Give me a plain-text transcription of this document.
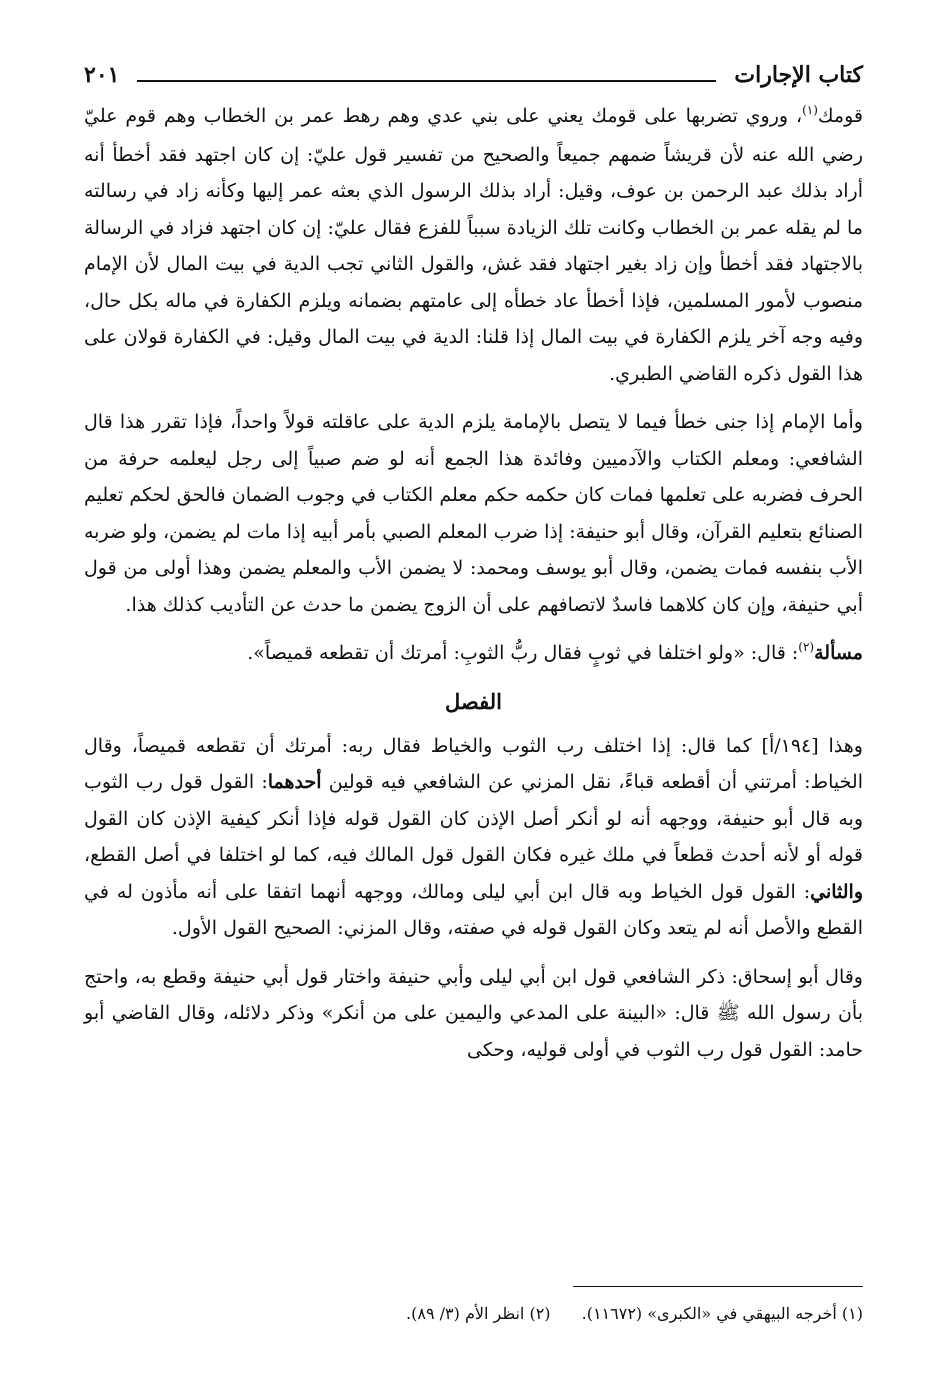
كتاب الإجارات
٢٠١

قومك$^{(١)}$، وروي تضربها على قومك يعني على بني عدي وهم رهط عمر بن الخطاب وهم قوم عليّ رضي الله عنه لأن قريشاً ضمهم جميعاً والصحيح من تفسير قول عليّ: إن كان اجتهد فقد أخطأ أنه أراد بذلك عبد الرحمن بن عوف، وقيل: أراد بذلك الرسول الذي بعثه عمر إليها وكأنه زاد في رسالته ما لم يقله عمر بن الخطاب وكانت تلك الزيادة سبباً للفزع فقال عليّ: إن كان اجتهد فزاد في الرسالة بالاجتهاد فقد أخطأ وإن زاد بغير اجتهاد فقد غش، والقول الثاني تجب الدية في بيت المال لأن الإمام منصوب لأمور المسلمين، فإذا أخطأ عاد خطأه إلى عامتهم بضمانه ويلزم الكفارة في ماله بكل حال، وفيه وجه آخر يلزم الكفارة في بيت المال إذا قلنا: الدية في بيت المال وقيل: في الكفارة قولان على هذا القول ذكره القاضي الطبري.

وأما الإمام إذا جنى خطأ فيما لا يتصل بالإمامة يلزم الدية على عاقلته قولاً واحداً، فإذا تقرر هذا قال الشافعي: ومعلم الكتاب والآدميين وفائدة هذا الجمع أنه لو ضم صبياً إلى رجل ليعلمه حرفة من الحرف فضربه على تعلمها فمات كان حكمه حكم معلم الكتاب في وجوب الضمان فالحق لحكم تعليم الصنائع بتعليم القرآن، وقال أبو حنيفة: إذا ضرب المعلم الصبي بأمر أبيه إذا مات لم يضمن، ولو ضربه الأب بنفسه فمات يضمن، وقال أبو يوسف ومحمد: لا يضمن الأب والمعلم يضمن وهذا أولى من قول أبي حنيفة، وإن كان كلاهما فاسدٌ لاتصافهم على أن الزوج يضمن ما حدث عن التأديب كذلك هذا.

مسألة$^{(٢)}$: قال: «ولو اختلفا في ثوبٍ فقال ربُّ الثوبِ: أمرتك أن تقطعه قميصاً».

الفصل

وهذا [١٩٤/أ] كما قال: إذا اختلف رب الثوب والخياط فقال ربه: أمرتك أن تقطعه قميصاً، وقال الخياط: أمرتني أن أقطعه قباءً، نقل المزني عن الشافعي فيه قولين أحدهما: القول قول رب الثوب وبه قال أبو حنيفة، ووجهه أنه لو أنكر أصل الإذن كان القول قوله فإذا أنكر كيفية الإذن كان القول قوله أو لأنه أحدث قطعاً في ملك غيره فكان القول قول المالك فيه، كما لو اختلفا في أصل القطع، والثاني: القول قول الخياط وبه قال ابن أبي ليلى ومالك، ووجهه أنهما اتفقا على أنه مأذون له في القطع والأصل أنه لم يتعد وكان القول قوله في صفته، وقال المزني: الصحيح القول الأول.

وقال أبو إسحاق: ذكر الشافعي قول ابن أبي ليلى وأبي حنيفة واختار قول أبي حنيفة وقطع به، واحتج بأن رسول الله ﷺ قال: «البينة على المدعي واليمين على من أنكر» وذكر دلائله، وقال القاضي أبو حامد: القول قول رب الثوب في أولى قوليه، وحكى

(١) أخرجه البيهقي في «الكبرى» (١١٦٧٢). (٢) انظر الأم (٣/ ٨٩).
